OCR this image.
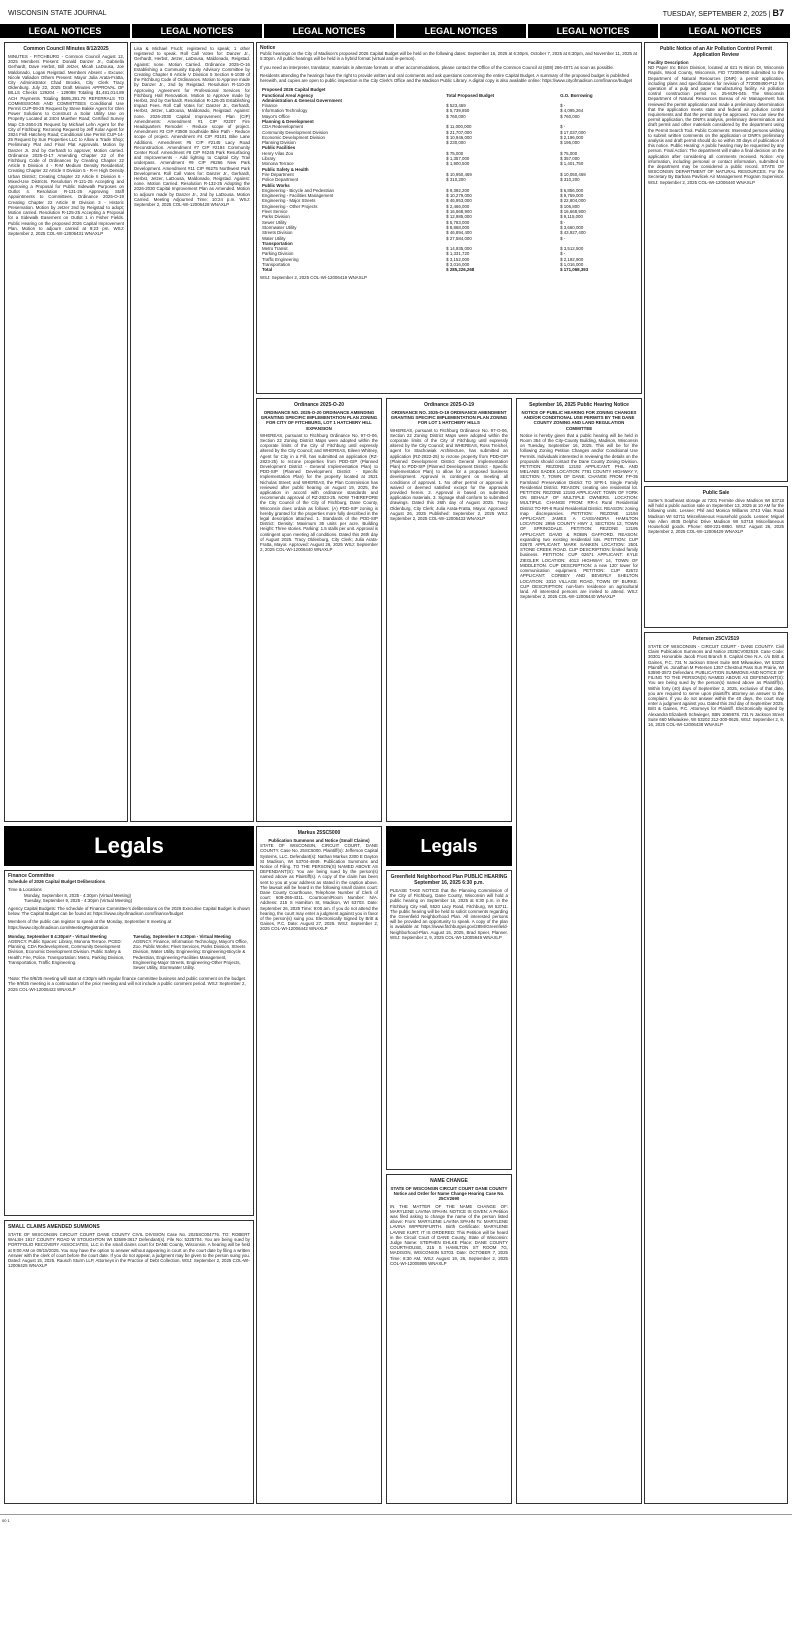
WISCONSIN STATE JOURNAL	TUESDAY, SEPTEMBER 2, 2025 | B7
LEGAL NOTICES	LEGAL NOTICES	LEGAL NOTICES	LEGAL NOTICES	LEGAL NOTICES	LEGAL NOTICES
Common Council Minutes 8/12/2025
MINUTES - FITCHBURG - Common Council August 12, 2025 Members Present: Donald Danzer Jr., Gabriella Gerhardt, Dave Herbst, Bill Jetzer, Micah LaDousa, Joe Maldonado, Logan Reigstad. Members Absent = Excuse: Nicole Valiadon Others Present: Mayor Julia Arata-Fratta, City Administrator Chad Brooks, City Clerk Tracy Oldenburg. July 22, 2025 Draft Minutes APPROVAL OF BILLS Checks 129204 - 129088 Totaling $1,481,014.89 ACH Payments Totaling $695,391.79 REFERRALS TO COMMISSIONS AND COMMITTEES Conditional Use Permit CUP-09-25 Request by Steve Bakke Agent for Glen Power Solutions to Construct a Solar Utility Use on Property Located at 2404 Muether Road; Certified Survey Map CS-2604-25 Request by Michael Lehn Agent for the City of Fitchburg; Rezoning Request by Jeff Kolar Agent for 2824 Fish Hatchery Road; Conditional Use Permit CUP-14-25 Request by Sun Properties LLC to Allow a Trade Shop; Preliminary Plat and Final Plat Approvals. Motion by Danzer Jr. 2nd by Gerhardt to approve; Motion carried. Ordinance 2025-O-17 Amending Chapter 22 of the Fitchburg Code of Ordinances by Creating Chapter 22 Article II Division 4 - R-M Medium Density Residential; Creating Chapter 22 Article II Division 5 - R-H High Density Urban District; Creating Chapter 22 Article II Division 6 - Mixed-Use Districts. Resolution R-121-25 Accepting and Approving a Proposal for Public Sidewalk Purposes on Outlot 4. Resolution R-131-25 Approving Staff Appointments to Committees. Ordinance 2025-O-19 Creating Chapter 22 Article III Division 3 - Historic Preservation. Motion by Jetzer 2nd by Reigstad to adopt; Motion carried. Resolution R-125-25 Accepting a Proposal for a Sidewalk Easement on Outlot 1 in Fisher Fields. Public Hearing on the proposed 2026 Capital Improvement Plan. Motion to adjourn carried at 9:23 pm. WSJ: September 2, 2025 COL-WI-12006431 WNAXLP
Lisa & Michael Fruch; registered to speak; 1 other registered to speak. Roll Call Votes for: Danzer Jr., Gerhardt, Herbst, Jetzer, LaDousa, Maldonado, Reigstad. Against: none. Motion Carried. Ordinance 2025-O-16 Establishing a Community Equity Advisory Committee by Creating Chapter 6 Article V Division 5 Section 6-1039 of the Fitchburg Code of Ordinances. Motion to Approve made by Danzer Jr., 2nd by Reigstad. Resolution R-110-25 Approving Agreement for Professional Services for Fitchburg Hall Renovation. Motion to Approve made by Herbst, 2nd by Gerhardt. Resolution R-126-25 Establishing Impact Fees. Roll Call Votes for: Danzer Jr., Gerhardt, Herbst, Jetzer, LaDousa, Maldonado, Reigstad. Against: none. 2026-2030 Capital Improvement Plan (CIP) Amendments: Amendment #1 CIP #2207 Fire Headquarters Remodel - Reduce scope of project. Amendment #3 CIP #3509 Southside Bike Path - Reduce scope of project. Amendment #4 CIP #3101 Bike Lane Additions. Amendment #5 CIP #2145 Lacy Road Reconstruction. Amendment #7 CIP #2194 Community Center Roof. Amendment #8 CIP #4245 Park Resurfacing and Improvements - Add lighting to Capital City Trail underpass. Amendment #9 CIP #6266 New Park Development. Amendment #11 CIP #6275 Northwest Park Development. Roll Call Votes for: Danzer Jr., Gerhardt, Herbst, Jetzer, LaDousa, Maldonado, Reigstad. Against: none. Motion Carried. Resolution R-132-25 Adopting the 2026-2030 Capital Improvement Plan as Amended. Motion to adjourn made by Danzer Jr., 2nd by LaDousa. Motion Carried. Meeting Adjourned Time: 10:24 p.m. WSJ: September 2, 2025 COL-WI-12006428 WNAXLP
Notice

Public hearings on the City of Madison's proposed 2026 Capital Budget will be held on the following dates: September 16, 2025 at 6:30pm, October 7, 2025 at 6:30pm, and November 11, 2025 at 5:30pm. All public hearings will be held in a hybrid format (virtual and in-person).

If you need an interpreter, translator, materials in alternate formats or other accommodations, please contact the Office of the Common Council at (608) 266-4071 as soon as possible.

Residents attending the hearings have the right to provide written and oral comments and ask questions concerning the entire Capital Budget. A summary of the proposed budget is published herewith, and copies are open to public inspection in the City Clerk's Office and the Madison Public Library. A digital copy is also available online: https://www.cityofmadison.com/finance/budget

Proposed 2026 Capital Budget		
Functional Area/ Agency	Total Proposed Budget	G.O. Borrowing
Administration & General Government		
Finance	$ 523,469	$ -
Information Technology	$ 5,739,850	$ 4,095,264
Mayor's Office	$ 760,000	$ 760,000
Planning & Development		
CDA Redevelopment	$ 11,000,000	$ -
Community Development Division	$ 21,707,000	$ 17,037,000
Economic Development Division	$ 10,946,000	$ 2,196,000
Planning Division	$ 230,000	$ 196,000
Public Facilities		
Henry Vilas Zoo	$ 75,000	$ 75,000
Library	$ 1,357,000	$ 357,000
Monona Terrace	$ 1,900,500	$ 1,401,750
Public Safety & Health		
Fire Department	$ 10,950,469	$ 10,050,469
Police Department	$ 310,200	$ 310,200
Public Works		
Engineering - Bicycle and Pedestrian	$ 9,392,200	$ 6,856,000
Engineering - Facilities Management	$ 10,279,000	$ 9,759,000
Engineering - Major Streets	$ 46,953,000	$ 22,804,000
Engineering - Other Projects	$ 2,466,000	$ 106,800
Fleet Service	$ 16,668,900	$ 16,668,900
Parks Division	$ 12,985,000	$ 9,115,000
Sewer Utility	$ 5,783,000	$ -
Stormwater Utility	$ 8,868,000	$ 3,660,000
Streets Division	$ 46,894,400	$ 43,927,400
Water Utility	$ 27,584,000	$ -
Transportation		
Metro Transit	$ 14,935,000	$ 3,512,500
Parking Division	$ 1,331,720	$ -
Traffic Engineering	$ 3,152,000	$ 2,192,900
Transportation	$ 3,016,000	$ 1,016,000
Total	$ 285,226,268	$ 171,068,393
WSJ: September 2, 2025 COL-WI-12006419 WNAXLP
Public Notice of an Air Pollution Control Permit Application Review
Facility Description
ND Paper Inc Biron Division, located at 621 N Biron Dr, Wisconsin Rapids, Wood County, Wisconsin, FID 772009490 submitted to the Department of Natural Resources (DNR) a permit application, including plans and specifications for revision of 772009490-P12 for operation of a pulp and paper manufacturing facility. Air pollution control construction permit no. 25-MJN-045. The Wisconsin Department of Natural Resources Bureau of Air Management has reviewed the permit application and made a preliminary determination that the application meets state and federal air pollution control requirements and that the permit may be approved. You can view the permit application, the DNR's analysis, preliminary determination and draft permit and other materials considered by the department using the Permit Search Tool. Public Comments: Interested persons wishing to submit written comments on the application or DNR's preliminary analysis and draft permit should do so within 30 days of publication of this notice. Public Hearing: A public hearing may be requested by any person. Final Action: The department will make a final decision on the application after considering all comments received. Notice: Any information, including personal or contact information, submitted to the department may be considered a public record. STATE OF WISCONSIN DEPARTMENT OF NATURAL RESOURCES. For the Secretary By Barbara Pavlicek Air Management Program Supervisor. WSJ: September 2, 2025 COL-WI-12006440 WNAXLP
Ordinance 2025-O-20
ORDINANCE NO. 2025-O-20 ORDINANCE AMENDING GRANTING SPECIFIC IMPLEMENTATION PLAN ZONING FOR CITY OF FITCHBURG, LOT 1 HATCHERY HILL EXPANSION
WHEREAS, pursuant to Fitchburg Ordinance No. 97-O-06, Section 22 Zoning District Maps were adopted within the corporate limits of the City of Fitchburg until expressly altered by the City Council; and WHEREAS, Eileen Whitney, Agent for City in a Fill, has submitted an application (RZ-2823-25) to rezone properties from PDD-GIP (Planned Development District - General Implementation Plan) to PDD-SIP (Planned Development District - Specific Implementation Plan) for the property located at 2621 Nicholas Street; and WHEREAS, the Plan Commission has reviewed after public hearing on August 19, 2025, the application in accord with ordinance standards and recommends approval of RZ-2823-25. NOW THEREFORE the City Council of the City of Fitchburg, Dane County, Wisconsin does ordain as follows: (A) PDD-SIP zoning is hereby granted for the properties more fully described in the legal description attached. 1. Standards of the PDD-SIP District: Density: Maximum 36 units per acre. Building Height: Three stories. Parking: 1.5 stalls per unit. Approval is contingent upon meeting all conditions. Dated this 26th day of August 2025. Tracy Oldenburg, City Clerk; Julia Arata-Fratta, Mayor. Approved: August 26, 2025 WSJ: September 2, 2025 COL-WI-12006440 WNAXLP
Ordinance 2025-O-19
ORDINANCE NO. 2025-O-19 ORDINANCE AMENDMENT GRANTING SPECIFIC IMPLEMENTATION PLAN ZONING FOR LOT 1 HATCHERY HILLS
WHEREAS, pursuant to Fitchburg Ordinance No. 97-O-06, Section 22 Zoning District Maps were adopted within the corporate limits of the City of Fitchburg until expressly altered by the City Council; and WHEREAS, Ross Treichel, agent for Stachowiak Architecture, has submitted an application (RZ-2822-25) to rezone property from PDD-GIP (Planned Development District General Implementation Plan) to PDD-SIP (Planned Development District - Specific Implementation Plan) to allow for a proposed business development. Approval is contingent on meeting all conditions of approval. 1. No other permit or approval is waived or deemed satisfied except for the approvals provided herein. 2. Approval is based on submitted application materials. 3. Signage shall conform to submitted drawings. Dated this 26th day of August 2025. Tracy Oldenburg, City Clerk; Julia Arata-Fratta, Mayor. Approved: August 26, 2025 Published: September 2, 2025 WSJ: September 2, 2025 COL-WI-12006433 WNAXLP
September 16, 2025 Public Hearing Notice
NOTICE OF PUBLIC HEARING FOR ZONING CHANGES AND/OR CONDITIONAL USE PERMITS BY THE DANE COUNTY ZONING AND LAND REGULATION COMMITTEE
Notice is hereby given that a public hearing will be held in Room 354 of the City-County Building, Madison, Wisconsin on Tuesday, September 16, 2025. This will be for the following Zoning Petition Changes and/or Conditional Use Permits. Individuals interested in reviewing the details on the proposals should contact the Dane County Zoning Division. PETITION: REZONE 12192 APPLICANT: PHIL AND MELANIE SADEK LOCATION: 7781 COUNTY HIGHWAY Y, SECTION 7, TOWN OF DANE. CHANGE FROM: FP-35 Farmland Preservation District TO SFR-1 Single Family Residential District. REASON: creating one residential lot. PETITION: REZONE 12193 APPLICANT: TOWN OF YORK ON BEHALF OF MULTIPLE OWNERS. LOCATION: MULTIPLE. CHANGE FROM: RR-4 Rural Residential District TO RR-8 Rural Residential District. REASON: zoning map discrepancies. PETITION: REZONE 12194 APPLICANT: JAMES A CASSANDRA HAMILTON LOCATION: 2956 COUNTY HWY J, SECTION 12, TOWN OF SPRINGDALE. PETITION: REZONE 12195 APPLICANT: DAVID & ROBIN GAFFORD. REASON: expanding two existing residential lots. PETITION: CUP 02670 APPLICANT: MARK SANKEN LOCATION: 2501 STONE CREEK ROAD. CUP DESCRIPTION: limited family business. PETITION: CUP 02671 APPLICANT: KYLE ZIEGLER LOCATION: 4013 HIGHWAY 14, TOWN OF MIDDLETON. CUP DESCRIPTION: a new 120' tower for communication equipment. PETITION: CUP 02672 APPLICANT: CORBEY AND BEVERLY SHELTON LOCATION: 3310 VILLAGE ROAD, TOWN OF BURKE. CUP DESCRIPTION: non-farm residence on agricultural land. All interested persons are invited to attend. WSJ: September 2, 2025 COL-WI-12006440 WNAXLP
Public Sale
Sutter's Southeast storage at 7201 Fermite drive Madison WI 53718 will hold a public auction sale on September 13, 2025 at 10 AM for the following units. Lessee: Phil and Monica Williams 3743 Vilas Road Madison WI 53711 Miscellaneous Household goods. Lessee: Miguel Van Allen 4935 Delphic Drive Madison WI 53719 Miscellaneous Household goods. Phone: 608-221-8860. WSJ: August 26, 2025 September 2, 2025 COL-WI-12006429 WNAXLP
Petersen 25CV2519
STATE OF WISCONSIN - CIRCUIT COURT - DANE COUNTY. Civil Claim Publication Summons and Notice 2025CV002519. Case Code: 30301 Honorable Jacob Frost Branch 9. Capital One N.A. c/o Britt & Gaines, P.C. 731 N Jackson Street Suite 660 Milwaukee, WI 53202 Plaintiff vs. Jonathan M Petersen 1357 Chestnut Pass Sun Prairie, WI 53590-3572 Defendant. PUBLICATION SUMMONS AND NOTICE OF FILING TO THE PERSON(S) NAMED ABOVE AS DEFENDANT(S): You are being sued by the person(s) named above as Plaintiff(s). Within forty (40) days of September 2, 2025, exclusive of that date, you are required to serve upon plaintiff's attorney an answer to the complaint. If you do not answer within the 40 days, the court may enter a judgment against you. Dated this 2nd day of September 2025. Britt & Gaines, P.C. Attorneys for Plaintiff. Electronically signed by Alexandra Elizabeth Schwieger, SBN 1065978. 731 N Jackson Street Suite 660 Milwaukee, WI 53202 312-300-0625. WSJ: September 2, 9, 16, 2025 COL-WI-12006438 WNAXLP
Legals
Finance Committee
Schedule of 2026 Capital Budget Deliberations

Time & Locations

Monday, September 8, 2025 - 4:30pm (Virtual Meeting)

Tuesday, September 9, 2025 - 4:30pm (Virtual Meeting)

Agency Capital Budgets: The schedule of Finance Committee's deliberations on the 2026 Executive Capital Budget is shown below. The Capital Budget can be found at: https://www.cityofmadison.com/finance/budget

Members of the public can register to speak at the Monday, September 8 meeting at https://www.cityofmadison.com/MeetingRegistration

Monday, September 8 4:30pm* - Virtual Meeting
AGENCY. Public Spaces: Library, Monona Terrace. PCED: Planning, CDA Redevelopment, Community Development Division, Economic Development Division. Public Safety & Health: Fire, Police. Transportation: Metro, Parking Division, Transportation, Traffic Engineering.
Tuesday, September 9 4:30pm - Virtual Meeting
AGENCY. Finance, Information Technology, Mayor's Office, Zoo. Public Works: Fleet Services, Parks Division, Streets Division, Water Utility. Engineering: Engineering-Bicycle & Pedestrian, Engineering-Facilities Management, Engineering-Major Streets, Engineering-Other Projects, Sewer Utility, Stormwater Utility.

*Note: The 9/8/25 meeting will start at 4:30pm with regular finance committee business and public comment on the budget. The 9/9/25 meeting is a continuation of the prior meeting and will not include a public comment period. WSJ: September 2, 2025 COL-WI-12006422 WNAXLP

SMALL CLAIMS AMENDED SUMMONS
STATE OF WISCONSIN CIRCUIT COURT DANE COUNTY CIVIL DIVISION Case No. 2025SC004776. TO: ROBERT WALSH 1917 COUNTY ROAD W STOUGHTON WI 53589-3617 Defendant(s). File No: 5225704. You are being sued by PORTFOLIO RECOVERY ASSOCIATES, LLC in the small claims court for DANE County, Wisconsin. A hearing will be held at 9:00 AM on 09/15/2025. You may have the option to answer without appearing in court on the court date by filing a written Answer with the clerk of court before the court date. If you do not appear, a judgment may be given to the person suing you. Dated: August 15, 2025. Rausch Sturm LLP, Attorneys in the Practice of Debt Collection. WSJ: September 2, 2025 COL-WI-12006425 WNAXLP
Legals
Markus 25SC5000
Publication Summons and Notice (Small Claims)
STATE OF WISCONSIN, CIRCUIT COURT, DANE COUNTY. Case No. 25SC5000. Plaintiff(s): Jefferson Capital Systems, LLC. Defendant(s): Nathan Markus 2300 E Dayton St Madison, WI 53704-4949. Publication Summons and Notice of Filing. TO THE PERSON(S) NAMED ABOVE AS DEFENDANT(S): You are being sued by the person(s) named above as Plaintiff(s). A copy of the claim has been sent to you at your address as stated in the caption above. The lawsuit will be heard in the following small claims court: Dane County Courthouse, Telephone Number of Clerk of court: 608-266-4311. Courtroom/Room Number: N/A. Address: 215 S Hamilton St, Madison, WI 53703. Date: September 26, 2025 Time: 9:00 am. If you do not attend the hearing, the court may enter a judgment against you in favor of the person(s) suing you. Electronically Signed by Britt & Gaines, P.C. Date: August 27, 2025. WSJ: September 2, 2025 COL-WI-12006442 WNAXLP
Greenfield Neighborhood Plan PUBLIC HEARING September 16, 2025 6:30 p.m.
PLEASE TAKE NOTICE that the Planning Commission of the City of Fitchburg, Dane County, Wisconsin will hold a public hearing on September 16, 2025 at 6:30 p.m. in the Fitchburg City Hall, 5520 Lacy Road, Fitchburg, WI 53711. The public hearing will be held to solicit comments regarding the Greenfield Neighborhood Plan. All interested persons will be provided an opportunity to speak. A copy of the plan is available at: https://www.fitchburgwi.gov/2894/Greenfield-Neighborhood-Plan. August 15, 2025, Brad Speer, Planner. WSJ: September 2, 9, 2025 COL-WI-12005949 WNAXLP
NAME CHANGE
STATE OF WISCONSIN CIRCUIT COURT DANE COUNTY Notice and Order for Name Change Hearing Case No. 25CV2690
IN THE MATTER OF THE NAME CHANGE OF: MARYLENE LAVINA SPAHN. NOTICE IS GIVEN: A Petition was filed asking to change the name of the person listed above: From: MARYLENE LAVINA SPAHN To: MARYLENE LAVINA WIPPERFURTH. Birth Certificate: MARYLENE LAVINE KURT. IT IS ORDERED: This Petition will be heard in the Circuit Court of DANE County, State of Wisconsin: Judge Name: STEPHEN EHLKE Place: DANE COUNTY COURTHOUSE, 215 S HAMILTON ST ROOM 7G, MADISON, WISCONSIN 53703. Date: OCTOBER 7, 2025 Time: 8:30 AM. WSJ: August 19, 26, September 2, 2025 COL-WI-12005995 WNAXLP
00 1
